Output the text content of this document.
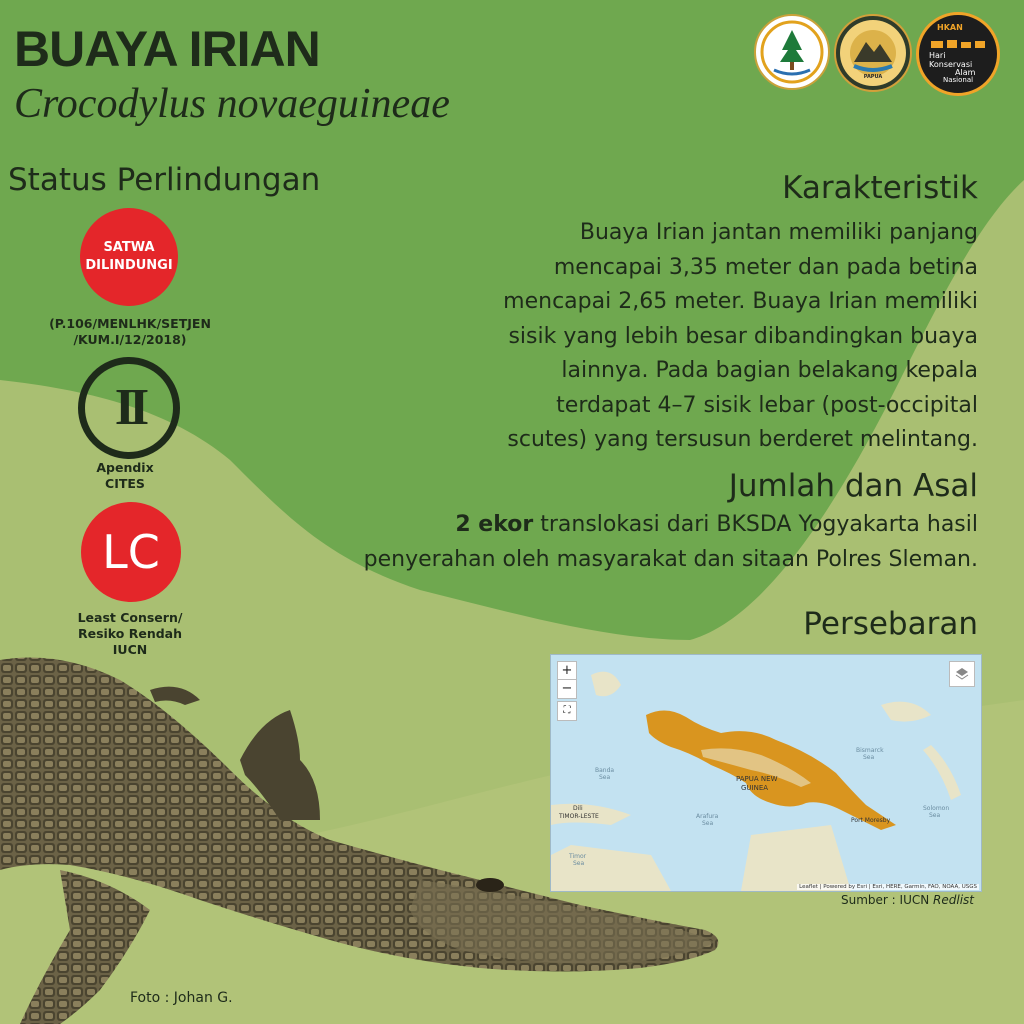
BUAYA IRIAN
Crocodylus novaeguineae
PAPUA
HKAN
Hari
Konservasi
Alam
Nasional
Status Perlindungan
SATWA
DILINDUNGI
(P.106/MENLHK/SETJEN
/KUM.I/12/2018)
II
Apendix
CITES
LC
Least Consern/
Resiko Rendah
IUCN
Karakteristik
Buaya Irian jantan memiliki panjang
mencapai 3,35 meter dan pada betina
mencapai 2,65 meter. Buaya Irian memiliki
sisik yang lebih besar dibandingkan buaya
lainnya. Pada bagian belakang kepala
terdapat 4–7 sisik lebar (post-occipital
scutes) yang tersusun berderet melintang.
Jumlah dan Asal
2 ekor translokasi dari BKSDA Yogyakarta hasil
penyerahan oleh masyarakat dan sitaan Polres Sleman.
Persebaran
+
−
⛶
PAPUA NEW
GUINEA
TIMOR-LESTE
Dili
Bismarck
Sea
Solomon
Sea
Banda
Sea
Arafura
Sea
Timor
Sea
Port Moresby
Leaflet | Powered by Esri | Esri, HERE, Garmin, FAO, NOAA, USGS
Sumber : IUCN Redlist
Foto : Johan G.
